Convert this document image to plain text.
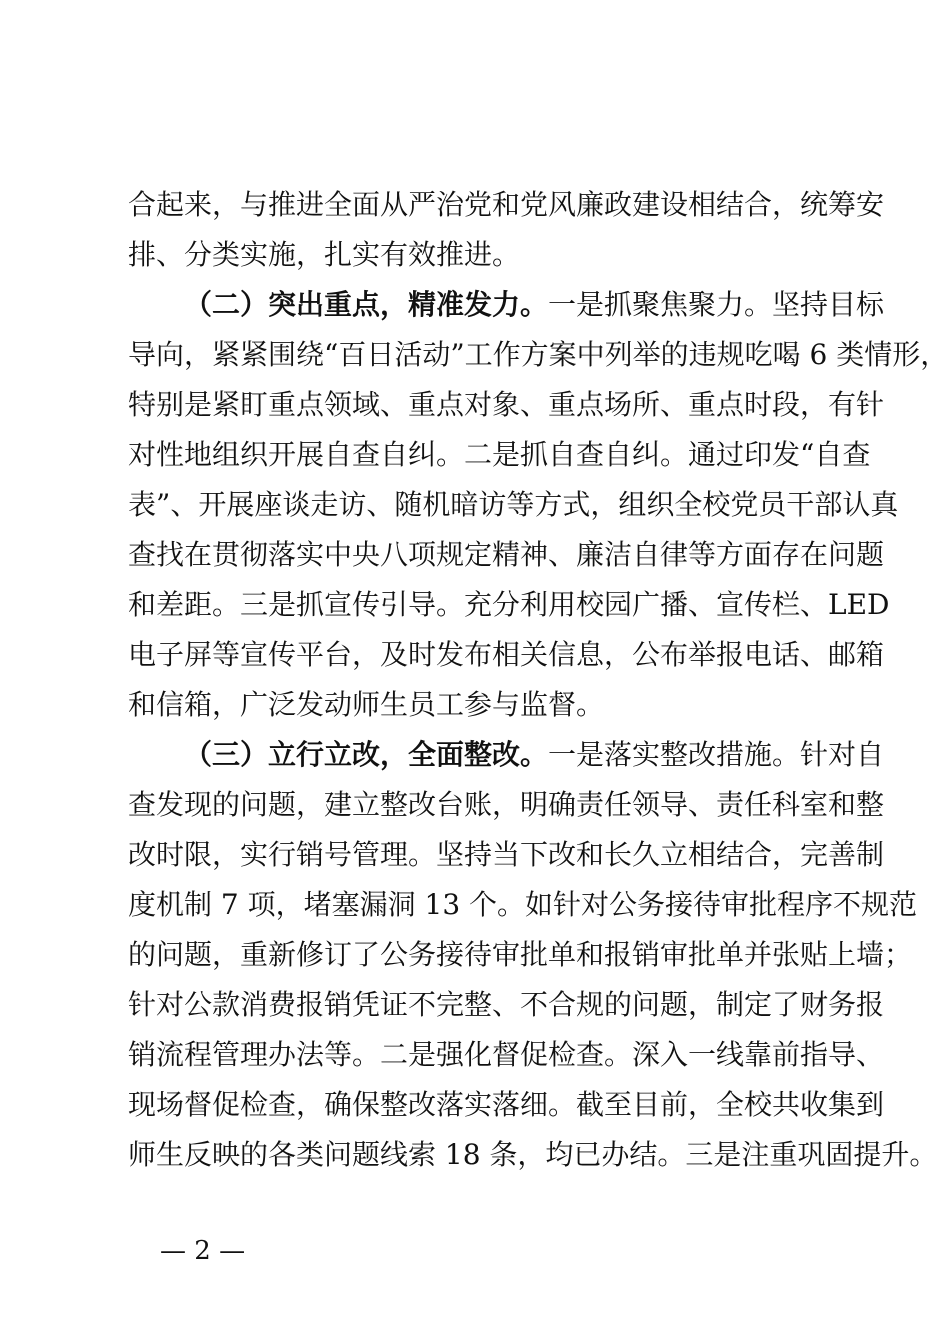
合起来，与推进全面从严治党和党风廉政建设相结合，统筹安
排、分类实施，扎实有效推进。
（二）突出重点，精准发力。一是抓聚焦聚力。坚持目标
导向，紧紧围绕“百日活动”工作方案中列举的违规吃喝 6 类情形，
特别是紧盯重点领域、重点对象、重点场所、重点时段，有针
对性地组织开展自查自纠。二是抓自查自纠。通过印发“自查
表”、开展座谈走访、随机暗访等方式，组织全校党员干部认真
查找在贯彻落实中央八项规定精神、廉洁自律等方面存在问题
和差距。三是抓宣传引导。充分利用校园广播、宣传栏、LED
电子屏等宣传平台，及时发布相关信息，公布举报电话、邮箱
和信箱，广泛发动师生员工参与监督。
（三）立行立改，全面整改。一是落实整改措施。针对自
查发现的问题，建立整改台账，明确责任领导、责任科室和整
改时限，实行销号管理。坚持当下改和长久立相结合，完善制
度机制 7 项，堵塞漏洞 13 个。如针对公务接待审批程序不规范
的问题，重新修订了公务接待审批单和报销审批单并张贴上墙；
针对公款消费报销凭证不完整、不合规的问题，制定了财务报
销流程管理办法等。二是强化督促检查。深入一线靠前指导、
现场督促检查，确保整改落实落细。截至目前，全校共收集到
师生反映的各类问题线索 18 条，均已办结。三是注重巩固提升。
— 2 —
